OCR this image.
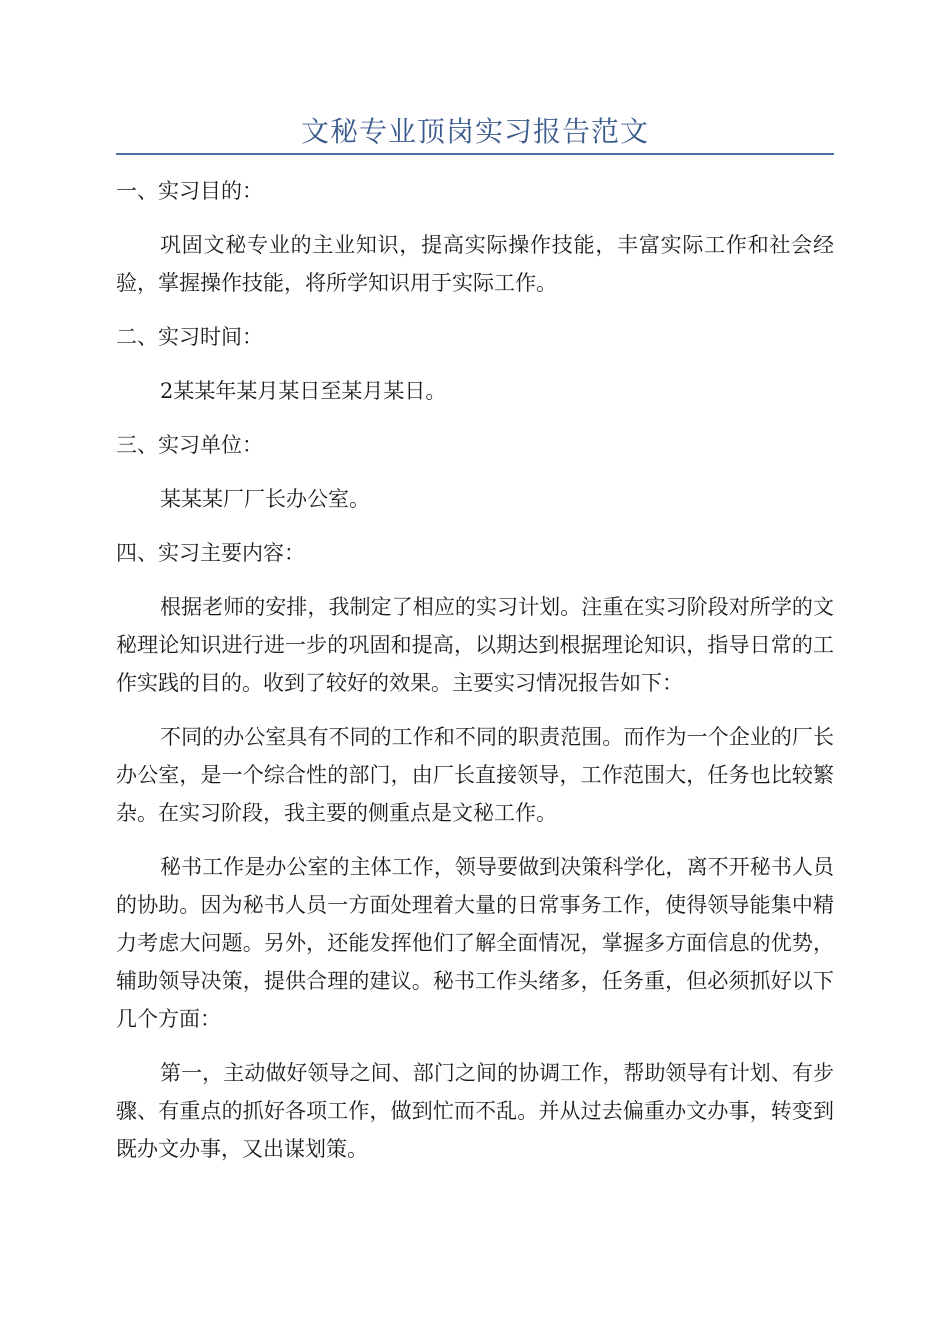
文秘专业顶岗实习报告范文
一、实习目的：

巩固文秘专业的主业知识，提高实际操作技能，丰富实际工作和社会经验，掌握操作技能，将所学知识用于实际工作。

二、实习时间：

2某某年某月某日至某月某日。

三、实习单位：

某某某厂厂长办公室。

四、实习主要内容：

根据老师的安排，我制定了相应的实习计划。注重在实习阶段对所学的文秘理论知识进行进一步的巩固和提高，以期达到根据理论知识，指导日常的工作实践的目的。收到了较好的效果。主要实习情况报告如下：

不同的办公室具有不同的工作和不同的职责范围。而作为一个企业的厂长办公室，是一个综合性的部门，由厂长直接领导，工作范围大，任务也比较繁杂。在实习阶段，我主要的侧重点是文秘工作。

秘书工作是办公室的主体工作，领导要做到决策科学化，离不开秘书人员的协助。因为秘书人员一方面处理着大量的日常事务工作，使得领导能集中精力考虑大问题。另外，还能发挥他们了解全面情况，掌握多方面信息的优势，辅助领导决策，提供合理的建议。秘书工作头绪多，任务重，但必须抓好以下几个方面：

第一，主动做好领导之间、部门之间的协调工作，帮助领导有计划、有步骤、有重点的抓好各项工作，做到忙而不乱。并从过去偏重办文办事，转变到既办文办事，又出谋划策。
